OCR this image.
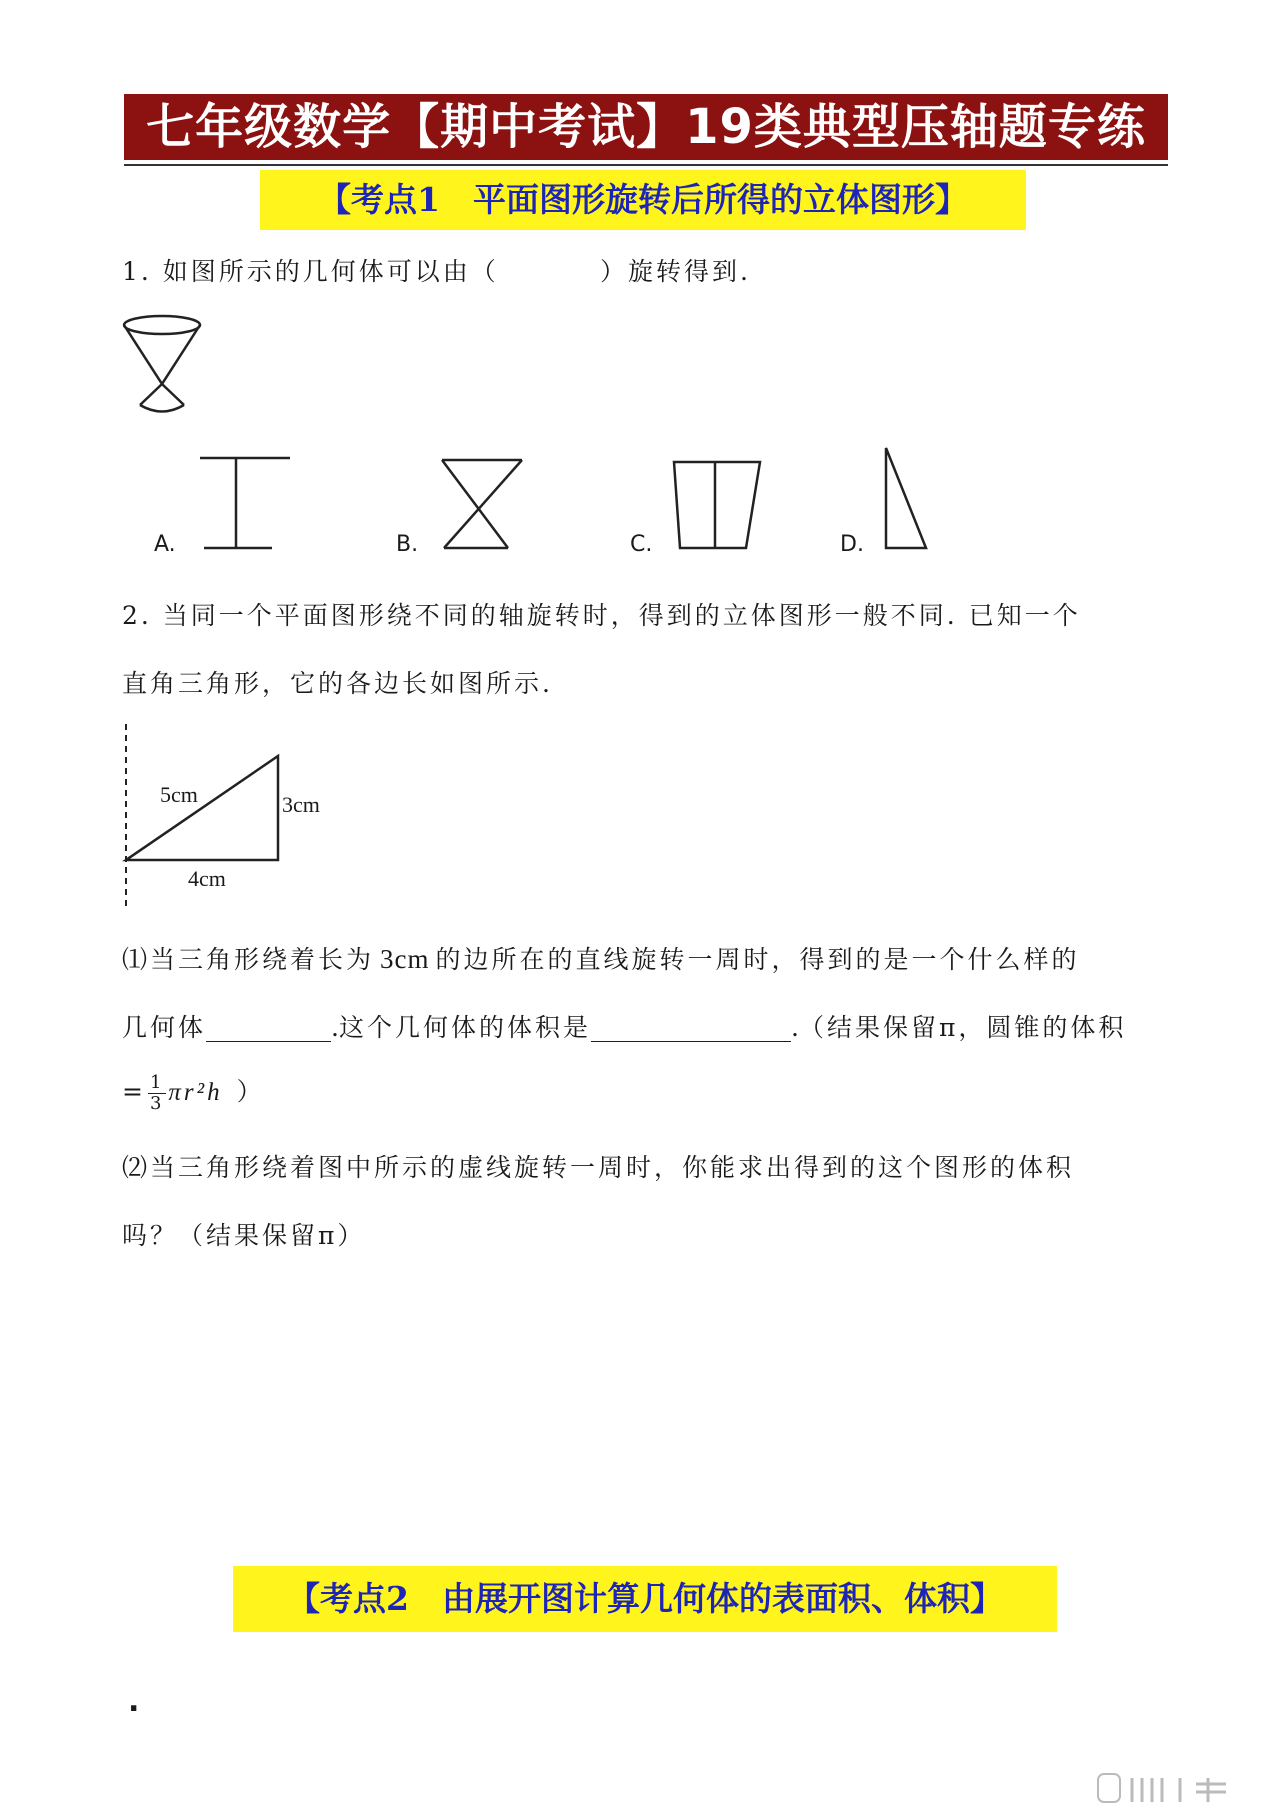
七年级数学【期中考试】19类典型压轴题专练
【考点1　平面图形旋转后所得的立体图形】
1. 如图所示的几何体可以由（	）旋转得到.
A.	B.	C.	D.
2. 当同一个平面图形绕不同的轴旋转时，得到的立体图形一般不同. 已知一个
直角三角形，它的各边长如图所示.
5cm	3cm
4cm
⑴当三角形绕着长为 3cm 的边所在的直线旋转一周时，得到的是一个什么样的
几何体__________.这个几何体的体积是________________.（结果保留π，圆锥的体积
= $\frac{1}{3} \pi r^2h$ ）
⑵当三角形绕着图中所示的虚线旋转一周时，你能求出得到的这个图形的体积
吗？（结果保留π）
【考点2　由展开图计算几何体的表面积、体积】
.
